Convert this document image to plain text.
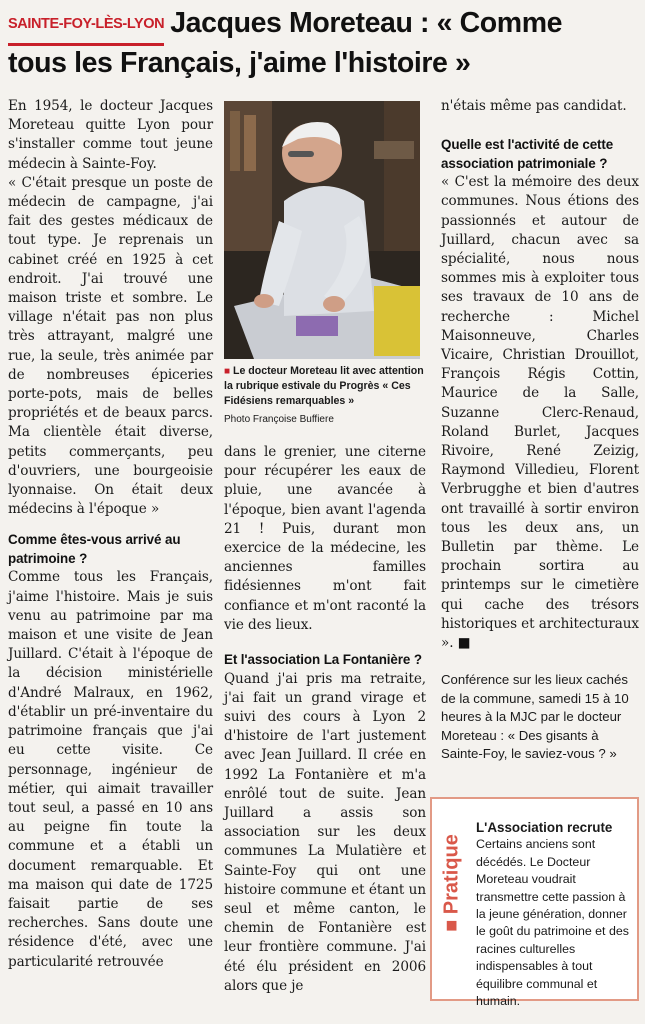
SAINTE-FOY-LÈS-LYON Jacques Moreteau : « Comme
tous les Français, j'aime l'histoire »

En 1954, le docteur Jacques Moreteau quitte Lyon pour s'installer comme tout jeune médecin à Sainte-Foy.

« C'était presque un poste de médecin de campagne, j'ai fait des gestes médicaux de tout type. Je reprenais un cabinet créé en 1925 à cet endroit. J'ai trouvé une maison triste et sombre. Le village n'était pas non plus très attrayant, malgré une rue, la seule, très animée par de nombreuses épiceries porte-pots, mais de belles propriétés et de beaux parcs. Ma clientèle était diverse, petits commerçants, peu d'ouvriers, une bourgeoisie lyonnaise. On était deux médecins à l'époque »

Comme êtes-vous arrivé au patrimoine ?

Comme tous les Français, j'aime l'histoire. Mais je suis venu au patrimoine par ma maison et une visite de Jean Juillard. C'était à l'époque de la décision ministérielle d'André Malraux, en 1962, d'établir un pré-inventaire du patrimoine français que j'ai eu cette visite. Ce personnage, ingénieur de métier, qui aimait travailler tout seul, a passé en 10 ans au peigne fin toute la commune et a établi un document remarquable. Et ma maison qui date de 1725 faisait partie de ses recherches. Sans doute une résidence d'été, avec une particularité retrouvée

■ Le docteur Moreteau lit avec attention la rubrique estivale du Progrès « Ces Fidésiens remarquables »
Photo Françoise Buffiere

dans le grenier, une citerne pour récupérer les eaux de pluie, une avancée à l'époque, bien avant l'agenda 21 ! Puis, durant mon exercice de la médecine, les anciennes familles fidésiennes m'ont fait confiance et m'ont raconté la vie des lieux.

Et l'association La Fontanière ?

Quand j'ai pris ma retraite, j'ai fait un grand virage et suivi des cours à Lyon 2 d'histoire de l'art justement avec Jean Juillard. Il crée en 1992 La Fontanière et m'a enrôlé tout de suite. Jean Juillard a assis son association sur les deux communes La Mulatière et Sainte-Foy qui ont une histoire commune et étant un seul et même canton, le chemin de Fontanière est leur frontière commune. J'ai été élu président en 2006 alors que je

n'étais même pas candidat.

Quelle est l'activité de cette association patrimoniale ?

« C'est la mémoire des deux communes. Nous étions des passionnés et autour de Juillard, chacun avec sa spécialité, nous nous sommes mis à exploiter tous ses travaux de 10 ans de recherche : Michel Maisonneuve, Charles Vicaire, Christian Drouillot, François Régis Cottin, Maurice de la Salle, Suzanne Clerc-Renaud, Roland Burlet, Jacques Rivoire, René Zeizig, Raymond Villedieu, Florent Verbrugghe et bien d'autres ont travaillé à sortir environ tous les deux ans, un Bulletin par thème. Le prochain sortira au printemps sur le cimetière qui cache des trésors historiques et architecturaux ». ■

Conférence sur les lieux cachés de la commune, samedi 15 à 10 heures à la MJC par le docteur Moreteau : « Des gisants à Sainte-Foy, le saviez-vous ? »
■ Pratique
L'Association recrute
Certains anciens sont décédés. Le Docteur Moreteau voudrait transmettre cette passion à la jeune génération, donner le goût du patrimoine et des racines culturelles indispensables à tout équilibre communal et humain.
